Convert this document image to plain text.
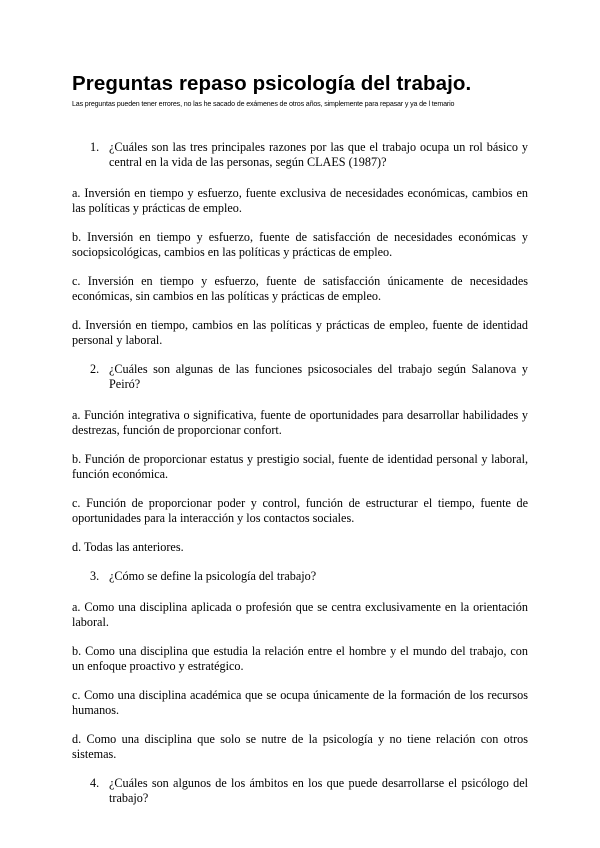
Preguntas repaso psicología del trabajo.

Las preguntas pueden tener errores, no las he sacado de exámenes de otros años, simplemente para repasar y ya de l temario

1. ¿Cuáles son las tres principales razones por las que el trabajo ocupa un rol básico y central en la vida de las personas, según CLAES (1987)?

a. Inversión en tiempo y esfuerzo, fuente exclusiva de necesidades económicas, cambios en las políticas y prácticas de empleo.

b. Inversión en tiempo y esfuerzo, fuente de satisfacción de necesidades económicas y sociopsicológicas, cambios en las políticas y prácticas de empleo.

c. Inversión en tiempo y esfuerzo, fuente de satisfacción únicamente de necesidades económicas, sin cambios en las políticas y prácticas de empleo.

d. Inversión en tiempo, cambios en las políticas y prácticas de empleo, fuente de identidad personal y laboral.

2. ¿Cuáles son algunas de las funciones psicosociales del trabajo según Salanova y Peiró?

a. Función integrativa o significativa, fuente de oportunidades para desarrollar habilidades y destrezas, función de proporcionar confort.

b. Función de proporcionar estatus y prestigio social, fuente de identidad personal y laboral, función económica.

c. Función de proporcionar poder y control, función de estructurar el tiempo, fuente de oportunidades para la interacción y los contactos sociales.

d. Todas las anteriores.

3. ¿Cómo se define la psicología del trabajo?

a. Como una disciplina aplicada o profesión que se centra exclusivamente en la orientación laboral.

b. Como una disciplina que estudia la relación entre el hombre y el mundo del trabajo, con un enfoque proactivo y estratégico.

c. Como una disciplina académica que se ocupa únicamente de la formación de los recursos humanos.

d. Como una disciplina que solo se nutre de la psicología y no tiene relación con otros sistemas.

4. ¿Cuáles son algunos de los ámbitos en los que puede desarrollarse el psicólogo del trabajo?
